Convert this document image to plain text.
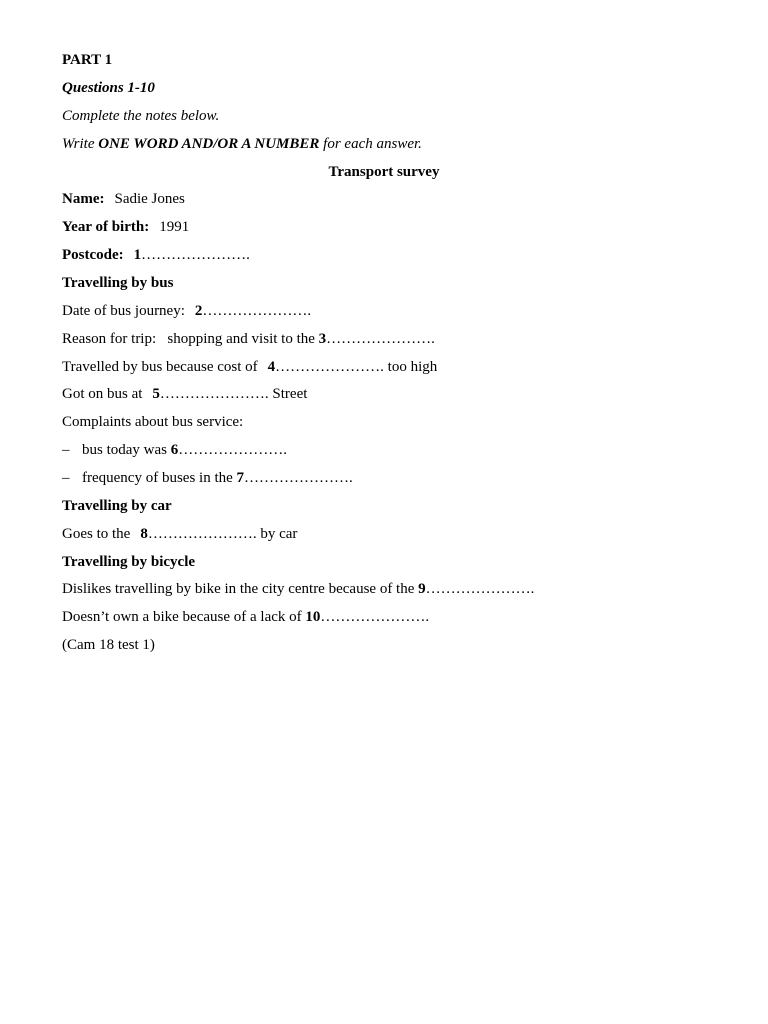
PART 1
Questions 1-10
Complete the notes below.
Write ONE WORD AND/OR A NUMBER for each answer.
Transport survey
Name: Sadie Jones
Year of birth: 1991
Postcode: 1………………….
Travelling by bus
Date of bus journey: 2………………….
Reason for trip:   shopping and visit to the 3………………….
Travelled by bus because cost of 4…………………. too high
Got on bus at 5…………………. Street
Complaints about bus service:
– bus today was 6………………….
– frequency of buses in the 7………………….
Travelling by car
Goes to the 8…………………. by car
Travelling by bicycle
Dislikes travelling by bike in the city centre because of the 9………………….
Doesn’t own a bike because of a lack of 10………………….
(Cam 18 test 1)
